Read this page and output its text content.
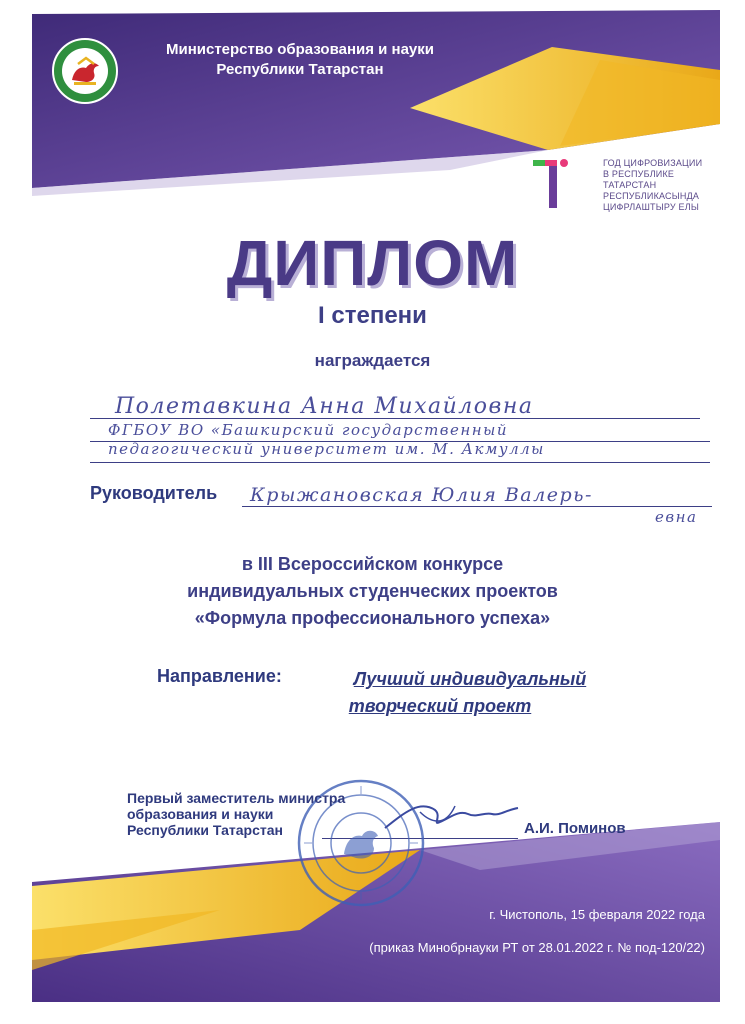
Министерство образования и науки
Республики Татарстан
ГОД ЦИФРОВИЗАЦИИ
В РЕСПУБЛИКЕ
ТАТАРСТАН
РЕСПУБЛИКАСЫНДА
ЦИФРЛАШТЫРУ ЕЛЫ
ДИПЛОМ
I степени
награждается
Полетавкина Анна Михайловна
ФГБОУ ВО «Башкирский государственный
педагогический университет им. М. Акмуллы
Руководитель Крыжановская Юлия Валерь-
евна
в III Всероссийском конкурсе
индивидуальных студенческих проектов
«Формула профессионального успеха»
Направление:	Лучший индивидуальный
творческий проект
Первый заместитель министра
образования и науки
Республики Татарстан	А.И. Поминов
г. Чистополь, 15 февраля 2022 года
(приказ Минобрнауки РТ от 28.01.2022 г. № под-120/22)
